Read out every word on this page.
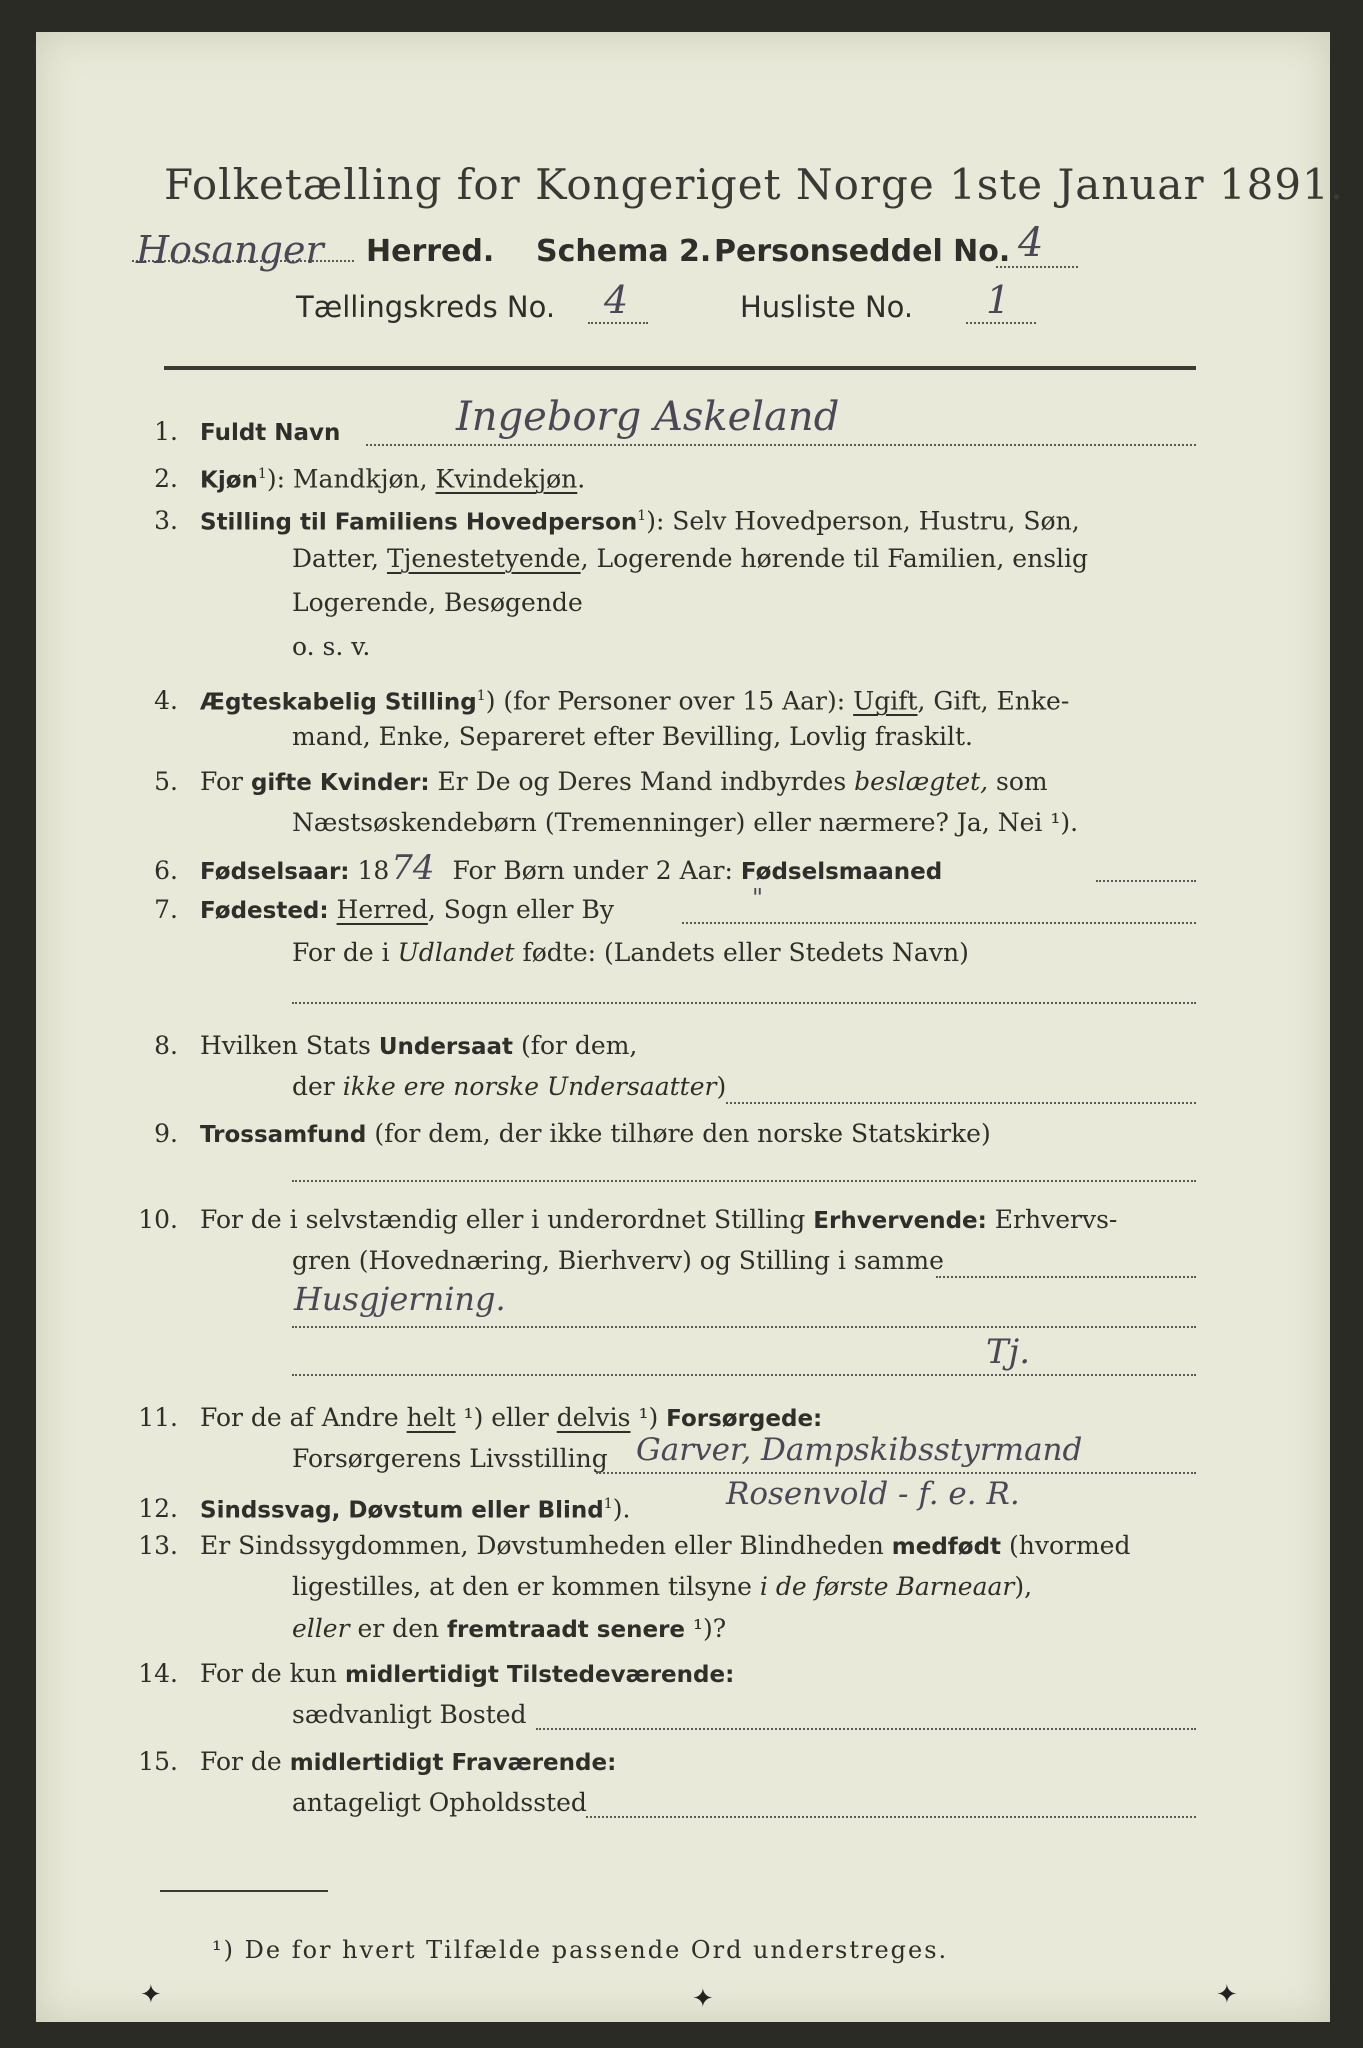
Folketælling for Kongeriget Norge 1ste Januar 1891.
Hosanger Herred. Schema 2. Personseddel No. 4
Tællingskreds No. 4	Husliste No. 1
1. Fuldt Navn	Ingeborg Askeland
2. Kjøn$^1$): Mandkjøn, Kvindekjøn.
3. Stilling til Familiens Hovedperson$^1$): Selv Hovedperson, Hustru, Søn,
Datter, Tjenestetyende, Logerende hørende til Familien, enslig
Logerende, Besøgende
o. s. v.
4. Ægteskabelig Stilling$^1$) (for Personer over 15 Aar): Ugift, Gift, Enke-
mand, Enke, Separeret efter Bevilling, Lovlig fraskilt.
5. For gifte Kvinder: Er De og Deres Mand indbyrdes beslægtet, som
Næstsøskendebørn (Tremenninger) eller nærmere? Ja, Nei ¹).
6. Fødselsaar: 1874 For Børn under 2 Aar: Fødselsmaaned
7. Fødested: Herred, Sogn eller By	"
For de i Udlandet fødte: (Landets eller Stedets Navn)
8. Hvilken Stats Undersaat (for dem,
der ikke ere norske Undersaatter)
9. Trossamfund (for dem, der ikke tilhøre den norske Statskirke)
10. For de i selvstændig eller i underordnet Stilling Erhvervende: Erhvervs-
gren (Hovednæring, Bierhverv) og Stilling i samme
Husgjerning.
Tj.
11. For de af Andre helt ¹) eller delvis ¹) Forsørgede:
Forsørgerens Livsstilling Garver, Dampskibsstyrmand
12. Sindssvag, Døvstum eller Blind$^1$).	Rosenvold - f. e. R.
13. Er Sindssygdommen, Døvstumheden eller Blindheden medfødt (hvormed
ligestilles, at den er kommen tilsyne i de første Barneaar),
eller er den fremtraadt senere ¹)?
14. For de kun midlertidigt Tilstedeværende:
sædvanligt Bosted
15. For de midlertidigt Fraværende:
antageligt Opholdssted
¹) De for hvert Tilfælde passende Ord understreges.
✦	✦	✦
